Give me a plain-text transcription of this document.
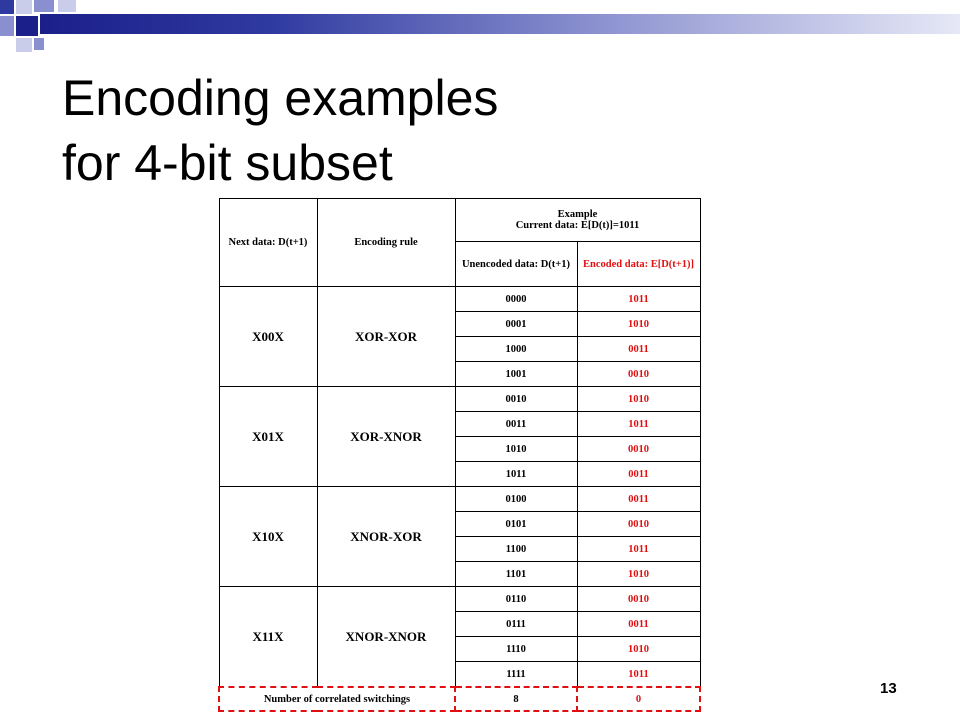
Encoding examples
for 4-bit subset
Next data: D(t+1)	Encoding rule	Example
Current data: E[D(t)]=1011	

		Unencoded data: D(t+1)	Encoded data: E[D(t+1)]
X00X	XOR-XOR	0000	1011
		0001	1010
		1000	0011
		1001	0010
X01X	XOR-XNOR	0010	1010
		0011	1011
		1010	0010
		1011	0011
X10X	XNOR-XOR	0100	0011
		0101	0010
		1100	1011
		1101	1010
X11X	XNOR-XNOR	0110	0010
		0111	0011
		1110	1010
		1111	1011
Number of correlated switchings		8	0
13
